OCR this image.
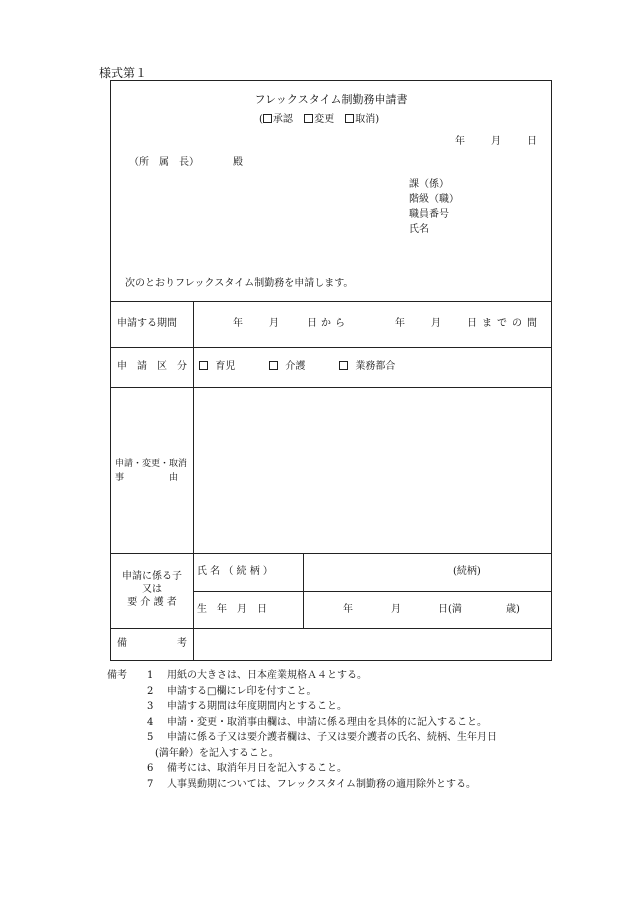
様式第１
フレックスタイム制勤務申請書
( 承認 変更 取消)
年	月	日
（所　属　長）	殿
課（係）
階級（職）
職員番号
氏名
次のとおりフレックスタイム制勤務を申請します。
申請する期間	年	月	日から	年	月	日までの間
申　請　区　分	育児	介護	業務都合
申請・変更・取消
事　　　　　由
申請に係る子
又は
要 介 護 者
氏 名 （ 続 柄 ）	(続柄)
生　年　月　日	年	月	日(満	歳)
備　　　　　考
備考 1 用紙の大きさは、日本産業規格Ａ４とする。
2 申請する□欄にレ印を付すこと。
3 申請する期間は年度期間内とすること。
4 申請・変更・取消事由欄は、申請に係る理由を具体的に記入すること。
5 申請に係る子又は要介護者欄は、子又は要介護者の氏名、続柄、生年月日
(満年齢）を記入すること。
6 備考には、取消年月日を記入すること。
7 人事異動期については、フレックスタイム制勤務の適用除外とする。
